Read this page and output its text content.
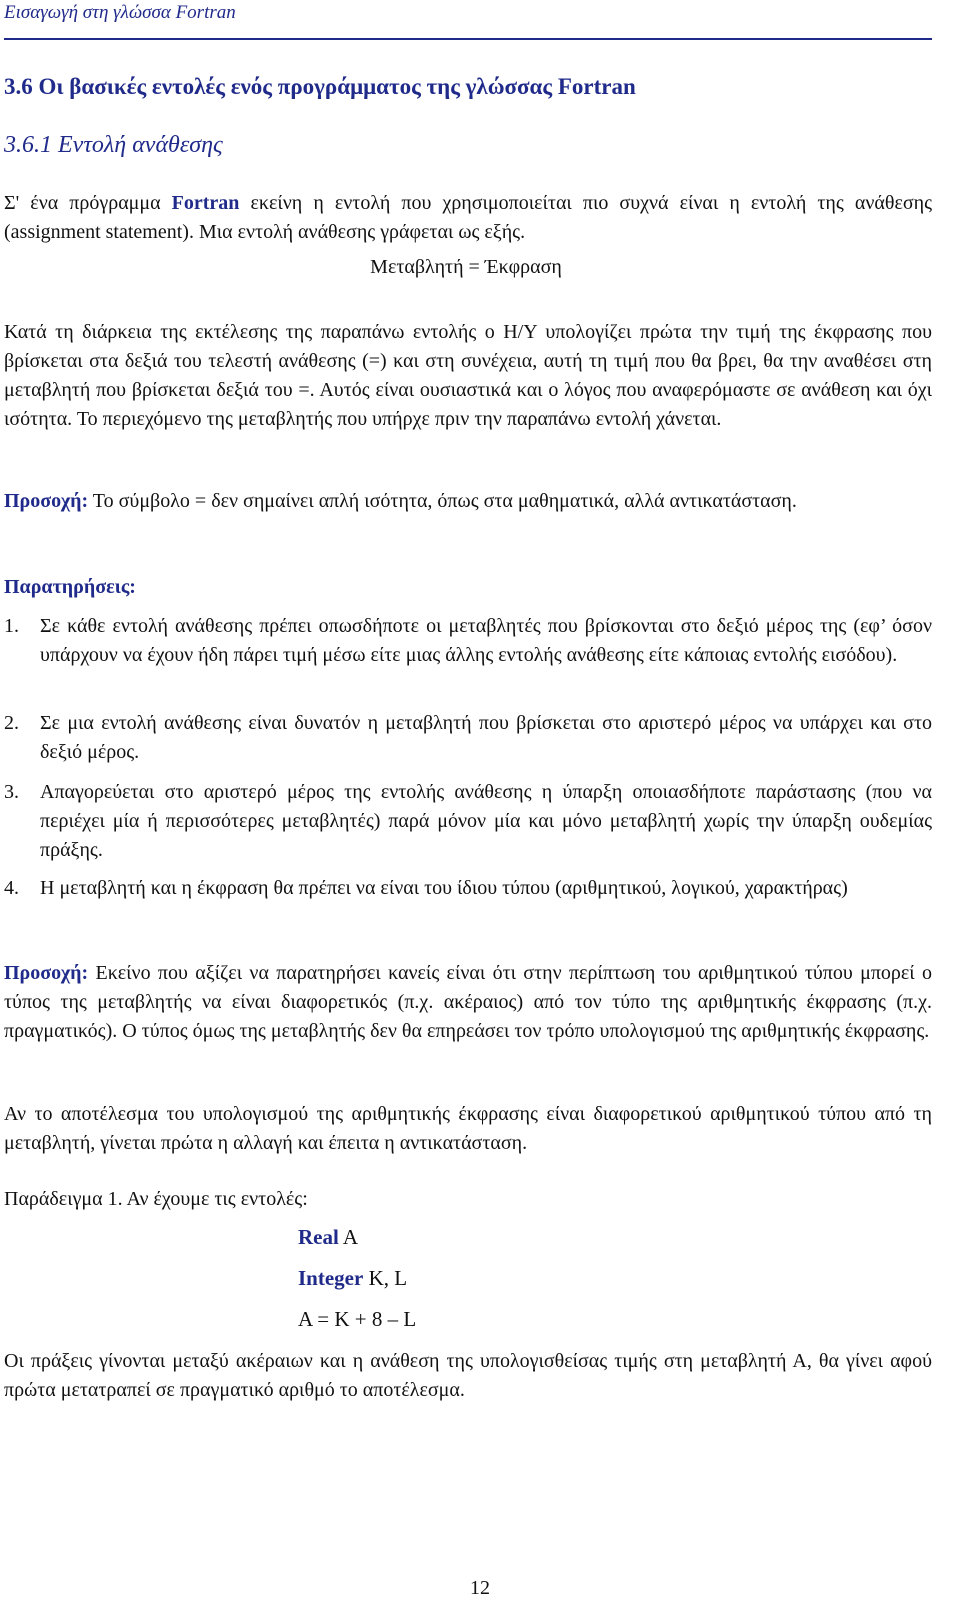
Εισαγωγή στη γλώσσα Fortran
3.6 Οι βασικές εντολές ενός προγράμματος της γλώσσας Fortran
3.6.1 Εντολή ανάθεσης
Σ' ένα πρόγραμμα Fortran εκείνη η εντολή που χρησιμοποιείται πιο συχνά είναι η εντολή της ανάθεσης (assignment statement). Μια εντολή ανάθεσης γράφεται ως εξής.
Μεταβλητή = Έκφραση
Κατά τη διάρκεια της εκτέλεσης της παραπάνω εντολής ο Η/Υ υπολογίζει πρώτα την τιμή της έκφρασης που βρίσκεται στα δεξιά του τελεστή ανάθεσης (=) και στη συνέχεια, αυτή τη τιμή που θα βρει, θα την αναθέσει στη μεταβλητή που βρίσκεται δεξιά του =. Αυτός είναι ουσιαστικά και ο λόγος που αναφερόμαστε σε ανάθεση και όχι ισότητα. Το περιεχόμενο της μεταβλητής που υπήρχε πριν την παραπάνω εντολή χάνεται.
Προσοχή: Το σύμβολο = δεν σημαίνει απλή ισότητα, όπως στα μαθηματικά, αλλά αντικατάσταση.
Παρατηρήσεις:
1. Σε κάθε εντολή ανάθεσης πρέπει οπωσδήποτε οι μεταβλητές που βρίσκονται στο δεξιό μέρος της (εφ’ όσον υπάρχουν να έχουν ήδη πάρει τιμή μέσω είτε μιας άλλης εντολής ανάθεσης είτε κάποιας εντολής εισόδου).
2. Σε μια εντολή ανάθεσης είναι δυνατόν η μεταβλητή που βρίσκεται στο αριστερό μέρος να υπάρχει και στο δεξιό μέρος.
3. Απαγορεύεται στο αριστερό μέρος της εντολής ανάθεσης η ύπαρξη οποιασδήποτε παράστασης (που να περιέχει μία ή περισσότερες μεταβλητές) παρά μόνον μία και μόνο μεταβλητή χωρίς την ύπαρξη ουδεμίας πράξης.
4. Η μεταβλητή και η έκφραση θα πρέπει να είναι του ίδιου τύπου (αριθμητικού, λογικού, χαρακτήρας)
Προσοχή: Εκείνο που αξίζει να παρατηρήσει κανείς είναι ότι στην περίπτωση του αριθμητικού τύπου μπορεί ο τύπος της μεταβλητής να είναι διαφορετικός (π.χ. ακέραιος) από τον τύπο της αριθμητικής έκφρασης (π.χ. πραγματικός). Ο τύπος όμως της μεταβλητής δεν θα επηρεάσει τον τρόπο υπολογισμού της αριθμητικής έκφρασης.
Αν το αποτέλεσμα του υπολογισμού της αριθμητικής έκφρασης είναι διαφορετικού αριθμητικού τύπου από τη μεταβλητή, γίνεται πρώτα η αλλαγή και έπειτα η αντικατάσταση.
Παράδειγμα 1. Αν έχουμε τις εντολές:
Real A
Integer K, L
A = K + 8 – L
Οι πράξεις γίνονται μεταξύ ακέραιων και η ανάθεση της υπολογισθείσας τιμής στη μεταβλητή Α, θα γίνει αφού πρώτα μετατραπεί σε πραγματικό αριθμό το αποτέλεσμα.
12
